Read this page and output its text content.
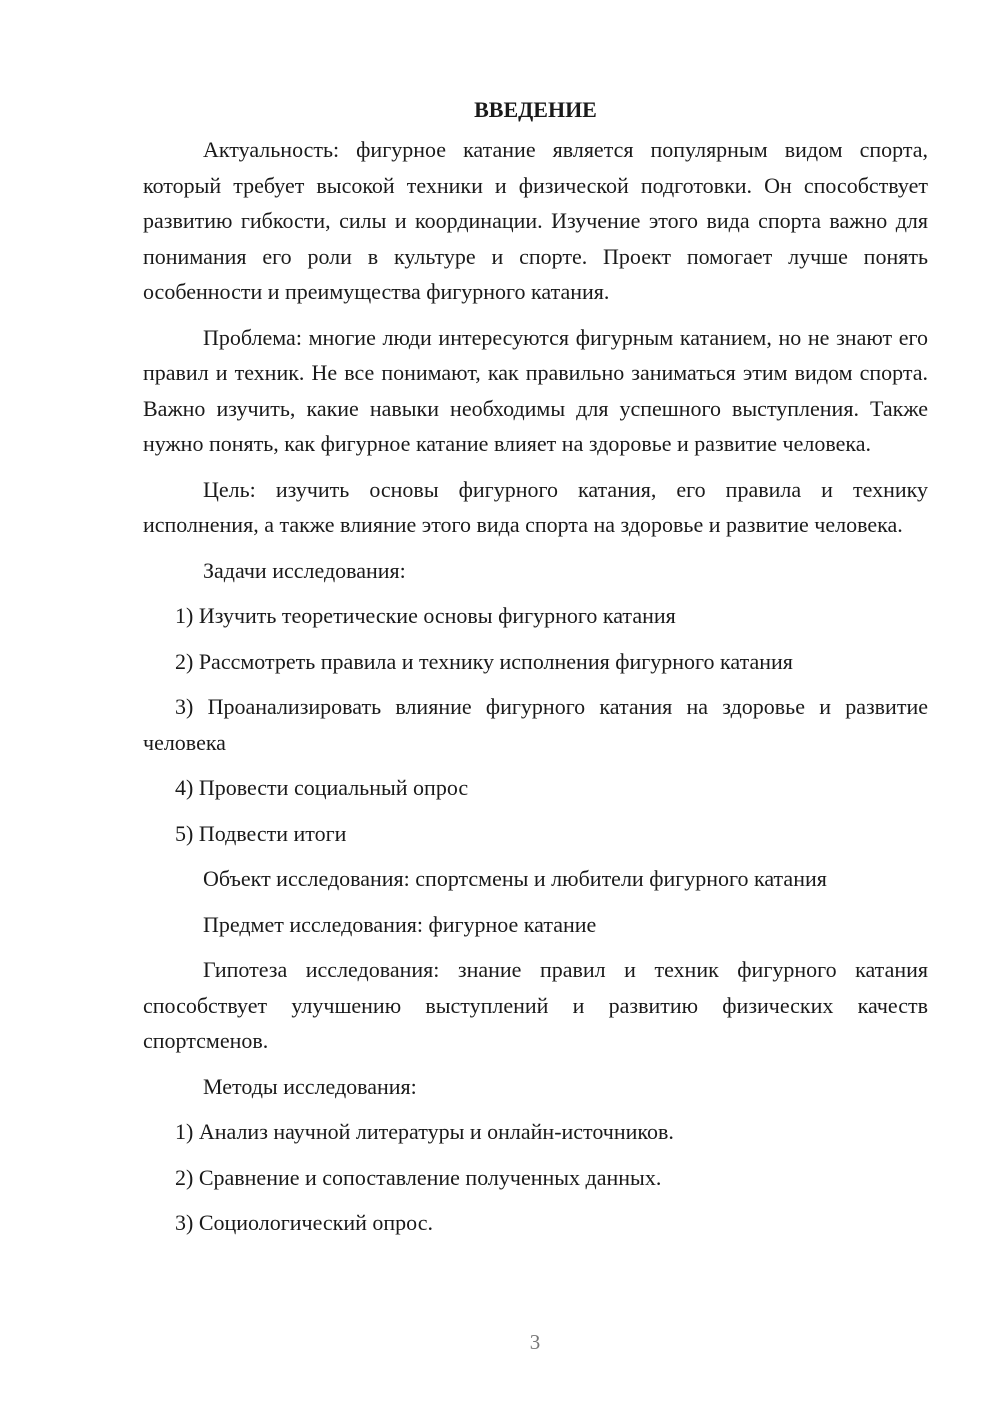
ВВЕДЕНИЕ
Актуальность: фигурное катание является популярным видом спорта, который требует высокой техники и физической подготовки. Он способствует развитию гибкости, силы и координации. Изучение этого вида спорта важно для понимания его роли в культуре и спорте. Проект помогает лучше понять особенности и преимущества фигурного катания.
Проблема: многие люди интересуются фигурным катанием, но не знают его правил и техник. Не все понимают, как правильно заниматься этим видом спорта. Важно изучить, какие навыки необходимы для успешного выступления. Также нужно понять, как фигурное катание влияет на здоровье и развитие человека.
Цель: изучить основы фигурного катания, его правила и технику исполнения, а также влияние этого вида спорта на здоровье и развитие человека.
Задачи исследования:
1) Изучить теоретические основы фигурного катания
2) Рассмотреть правила и технику исполнения фигурного катания
3) Проанализировать влияние фигурного катания на здоровье и развитие человека
4) Провести социальный опрос
5) Подвести итоги
Объект исследования: спортсмены и любители фигурного катания
Предмет исследования: фигурное катание
Гипотеза исследования: знание правил и техник фигурного катания способствует улучшению выступлений и развитию физических качеств спортсменов.
Методы исследования:
1) Анализ научной литературы и онлайн-источников.
2) Сравнение и сопоставление полученных данных.
3) Социологический опрос.
3
